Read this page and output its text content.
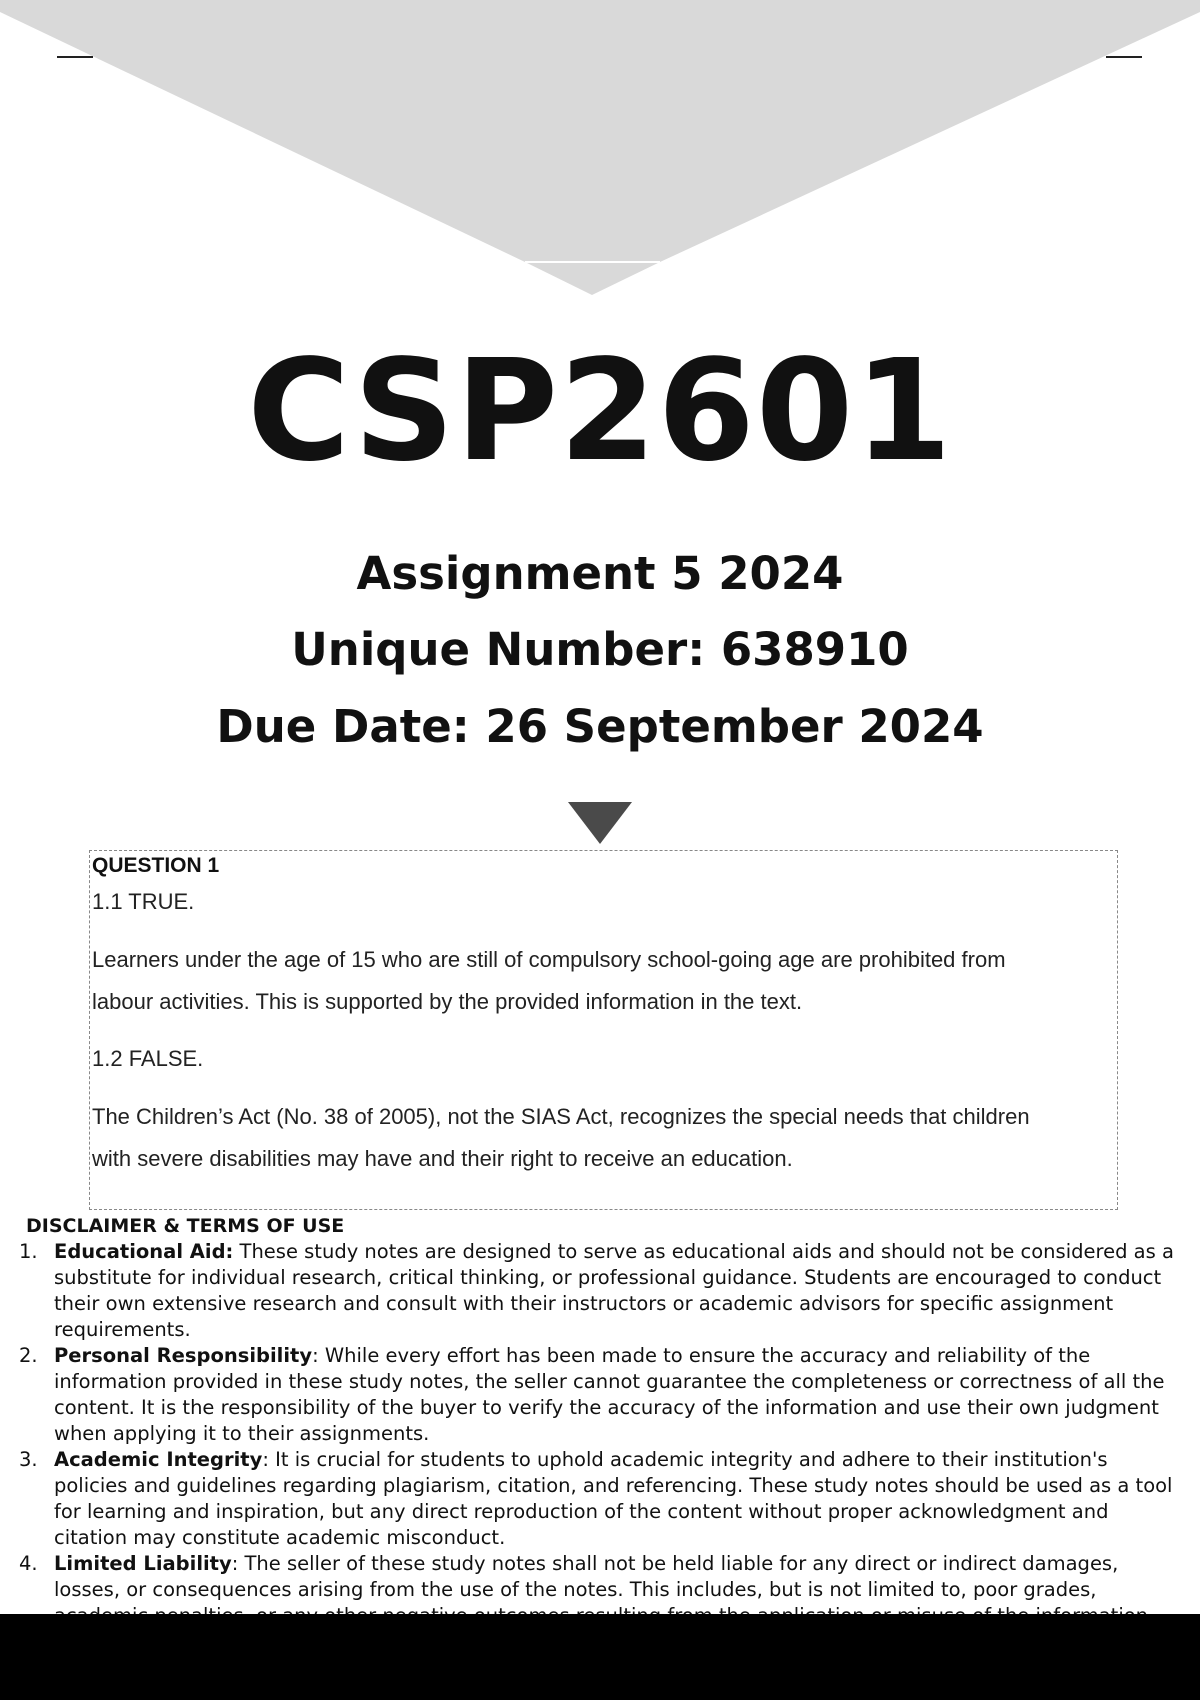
CSP2601
Assignment 5 2024
Unique Number: 638910
Due Date: 26 September 2024
QUESTION 1
1.1 TRUE.
Learners under the age of 15 who are still of compulsory school-going age are prohibited from
labour activities. This is supported by the provided information in the text.
1.2 FALSE.
The Children’s Act (No. 38 of 2005), not the SIAS Act, recognizes the special needs that children
with severe disabilities may have and their right to receive an education.
DISCLAIMER & TERMS OF USE
1. Educational Aid: These study notes are designed to serve as educational aids and should not be considered as a substitute for individual research, critical thinking, or professional guidance. Students are encouraged to conduct their own extensive research and consult with their instructors or academic advisors for specific assignment requirements.
2. Personal Responsibility: While every effort has been made to ensure the accuracy and reliability of the information provided in these study notes, the seller cannot guarantee the completeness or correctness of all the content. It is the responsibility of the buyer to verify the accuracy of the information and use their own judgment when applying it to their assignments.
3. Academic Integrity: It is crucial for students to uphold academic integrity and adhere to their institution's policies and guidelines regarding plagiarism, citation, and referencing. These study notes should be used as a tool for learning and inspiration, but any direct reproduction of the content without proper acknowledgment and citation may constitute academic misconduct.
4. Limited Liability: The seller of these study notes shall not be held liable for any direct or indirect damages, losses, or consequences arising from the use of the notes. This includes, but is not limited to, poor grades,
